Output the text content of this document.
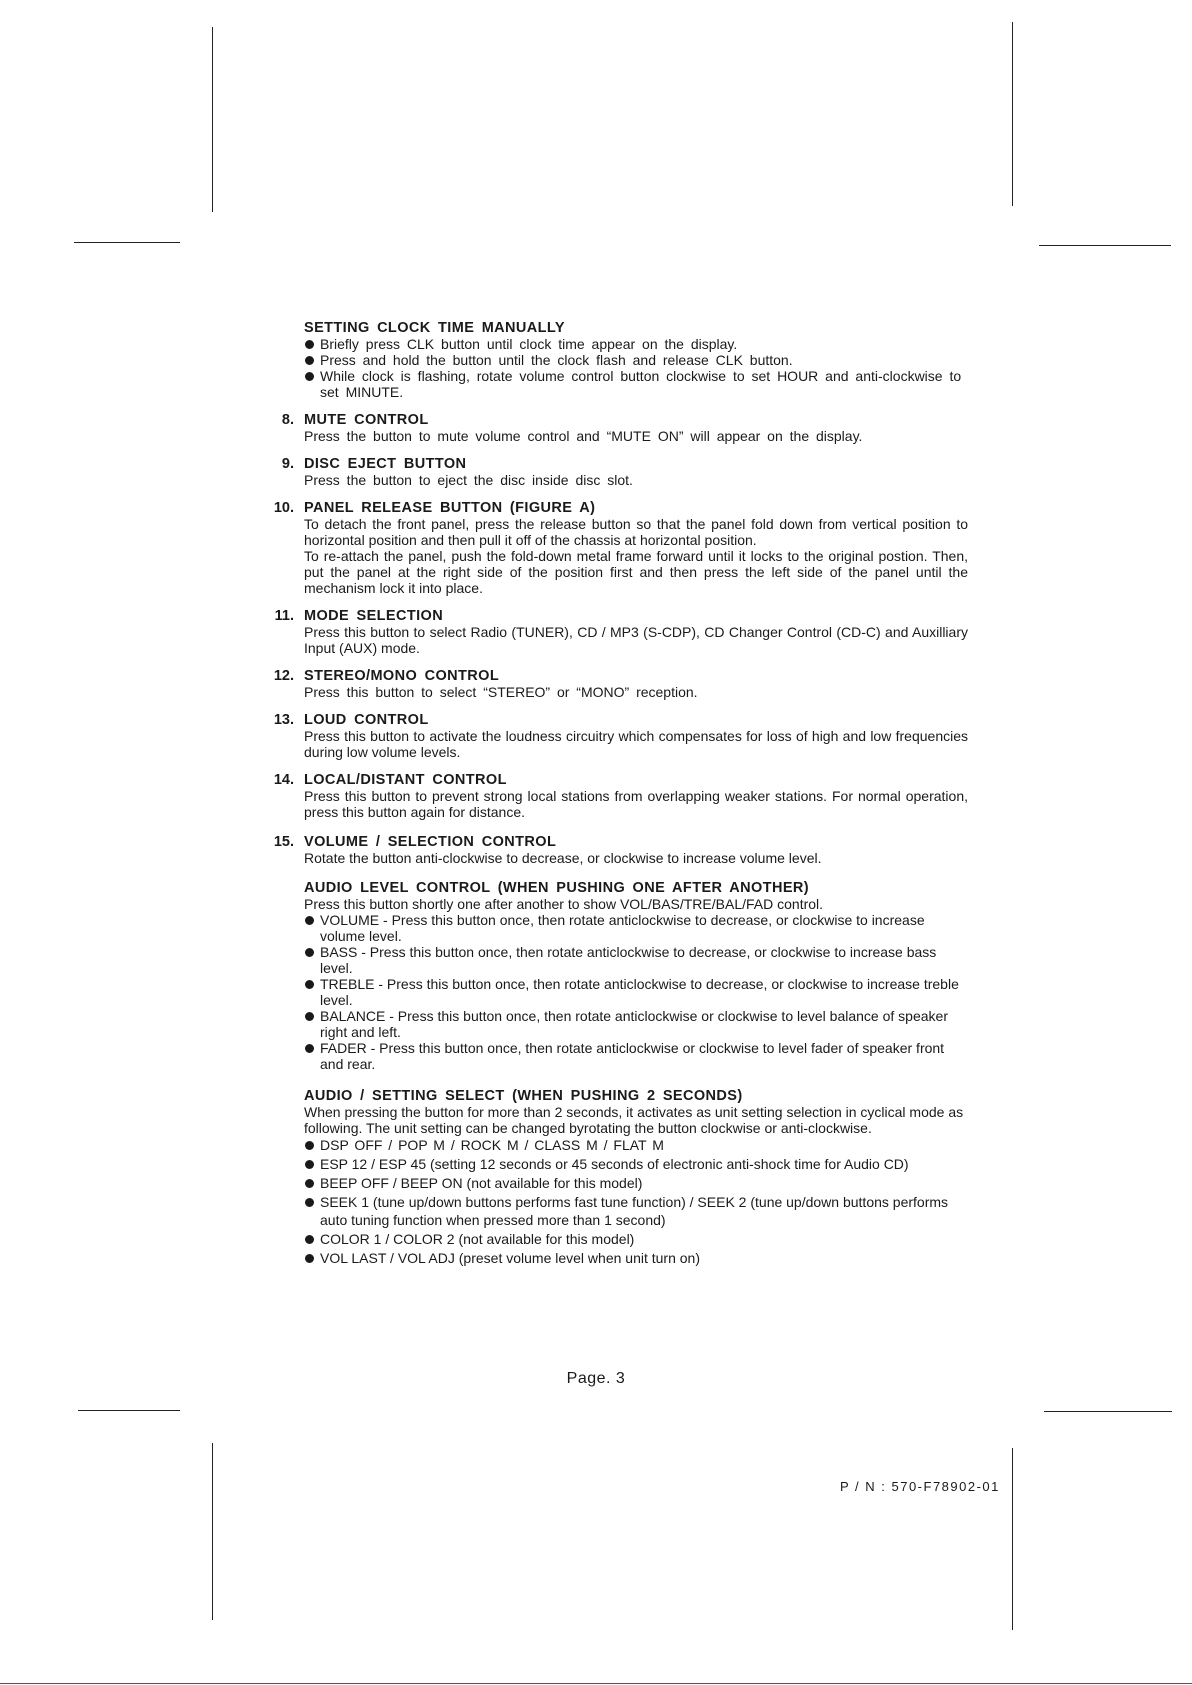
SETTING CLOCK TIME MANUALLY
Briefly press CLK button until clock time appear on the display.
Press and hold the button until the clock flash and release CLK button.
While clock is flashing, rotate volume control button clockwise to set HOUR and anti-clockwise to set MINUTE.
8. MUTE CONTROL

Press the button to mute volume control and “MUTE ON” will appear on the display.

9. DISC EJECT BUTTON

Press the button to eject the disc inside disc slot.

10. PANEL RELEASE BUTTON (FIGURE A)

To detach the front panel, press the release button so that the panel fold down from vertical position to horizontal position and then pull it off of the chassis at horizontal position.

To re-attach the panel, push the fold-down metal frame forward until it locks to the original postion. Then, put the panel at the right side of the position first and then press the left side of the panel until the mechanism lock it into place.

11. MODE SELECTION

Press this button to select Radio (TUNER), CD / MP3 (S-CDP), CD Changer Control (CD-C) and Auxilliary Input (AUX) mode.

12. STEREO/MONO CONTROL

Press this button to select “STEREO” or “MONO” reception.

13. LOUD CONTROL

Press this button to activate the loudness circuitry which compensates for loss of high and low frequencies during low volume levels.

14. LOCAL/DISTANT CONTROL

Press this button to prevent strong local stations from overlapping weaker stations. For normal operation, press this button again for distance.

15. VOLUME / SELECTION CONTROL

Rotate the button anti-clockwise to decrease, or clockwise to increase volume level.

AUDIO LEVEL CONTROL (WHEN PUSHING ONE AFTER ANOTHER)

Press this button shortly one after another to show VOL/BAS/TRE/BAL/FAD control.

VOLUME - Press this button once, then rotate anticlockwise to decrease, or clockwise to increase volume level.
BASS - Press this button once, then rotate anticlockwise to decrease, or clockwise to increase bass level.
TREBLE - Press this button once, then rotate anticlockwise to decrease, or clockwise to increase treble level.
BALANCE - Press this button once, then rotate anticlockwise or clockwise to level balance of speaker right and left.
FADER - Press this button once, then rotate anticlockwise or clockwise to level fader of speaker front and rear.
AUDIO / SETTING SELECT (WHEN PUSHING 2 SECONDS)

When pressing the button for more than 2 seconds, it activates as unit setting selection in cyclical mode as following. The unit setting can be changed byrotating the button clockwise or anti-clockwise.

DSP OFF / POP M / ROCK M / CLASS M / FLAT M
ESP 12 / ESP 45 (setting 12 seconds or 45 seconds of electronic anti-shock time for Audio CD)
BEEP OFF / BEEP ON (not available for this model)
SEEK 1 (tune up/down buttons performs fast tune function) / SEEK 2 (tune up/down buttons performs auto tuning function when pressed more than 1 second)
COLOR 1 / COLOR 2 (not available for this model)
VOL LAST / VOL ADJ (preset volume level when unit turn on)
Page. 3
P / N : 570-F78902-01
